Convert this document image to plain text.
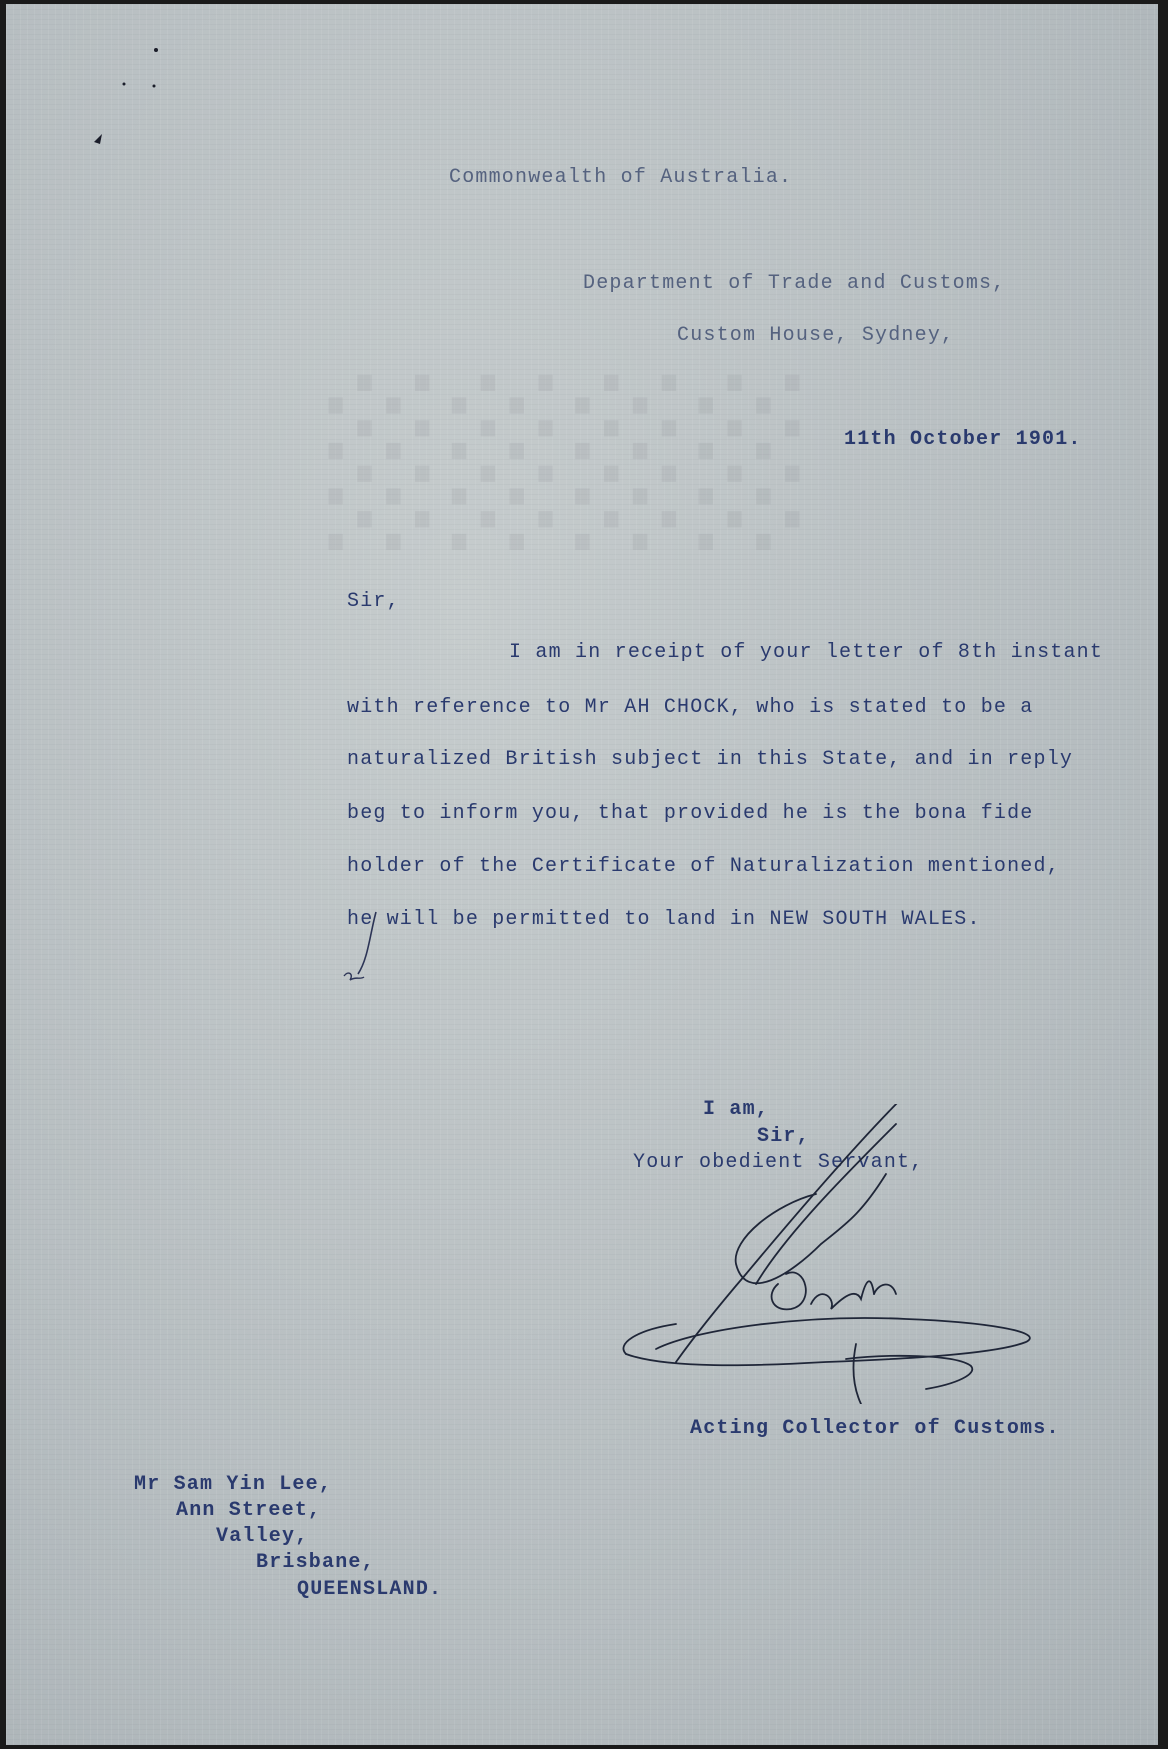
░░░░
Commonwealth of Australia.
Department of Trade and Customs,
Custom House, Sydney,
11th October 1901.
Sir,
I am in receipt of your letter of 8th instant
with reference to Mr AH CHOCK, who is stated to be a
naturalized British subject in this State, and in reply
beg to inform you, that provided he is the bona fide
holder of the Certificate of Naturalization mentioned,
he will be permitted to land in NEW SOUTH WALES.
I am,
Sir,
Your obedient Servant,
Acting Collector of Customs.
Mr Sam Yin Lee,
Ann Street,
Valley,
Brisbane,
QUEENSLAND.
